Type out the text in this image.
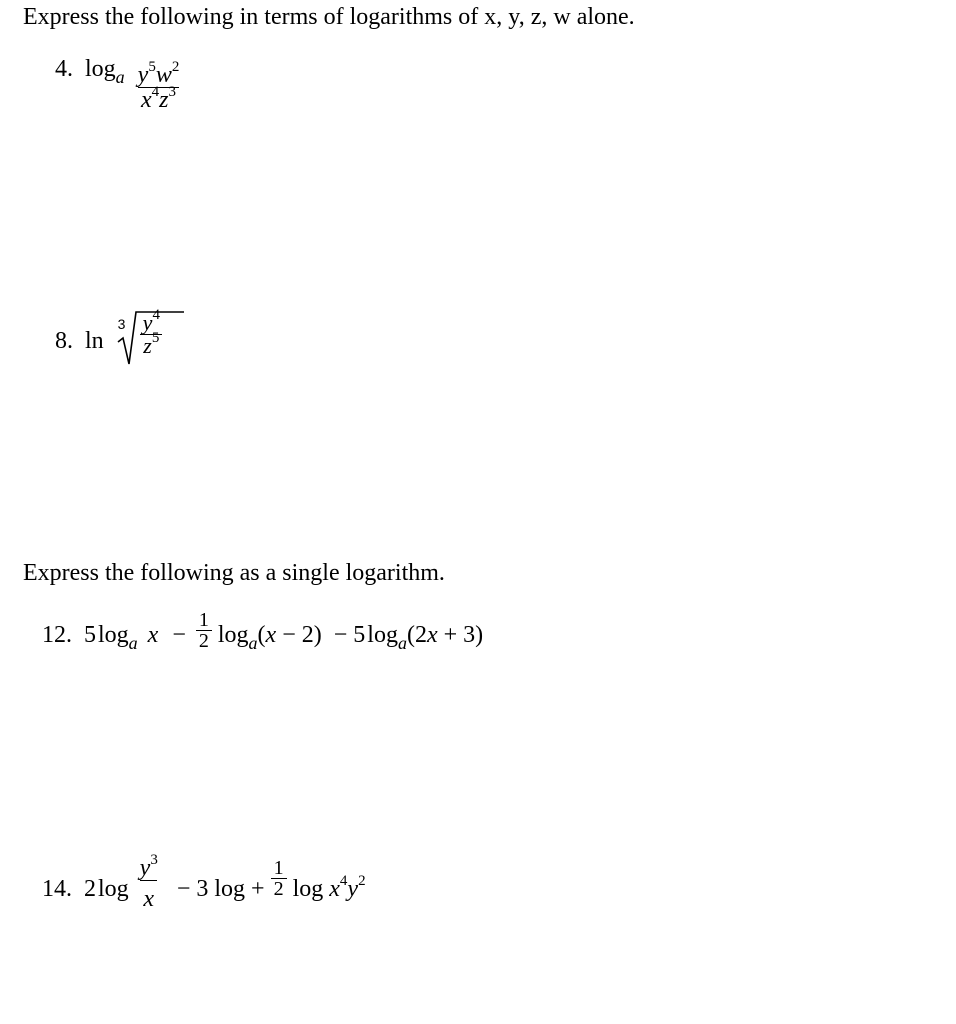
Express the following in terms of logarithms of x, y, z, w alone.
4. $\log_a \frac{y^5w^2}{x^4z^3}$
8. ln
$3 \frac{y^4}{z^5}$
Express the following as a single logarithm.
12. 5 $\log_a x - \frac{1}{2} \log_a(x - 2) - 5$ $\log_a(2x + 3)$
14. $2\log \frac{y^3}{x} - 3$ $\log + \frac{1}{2}$ $\log x^4y^2$
